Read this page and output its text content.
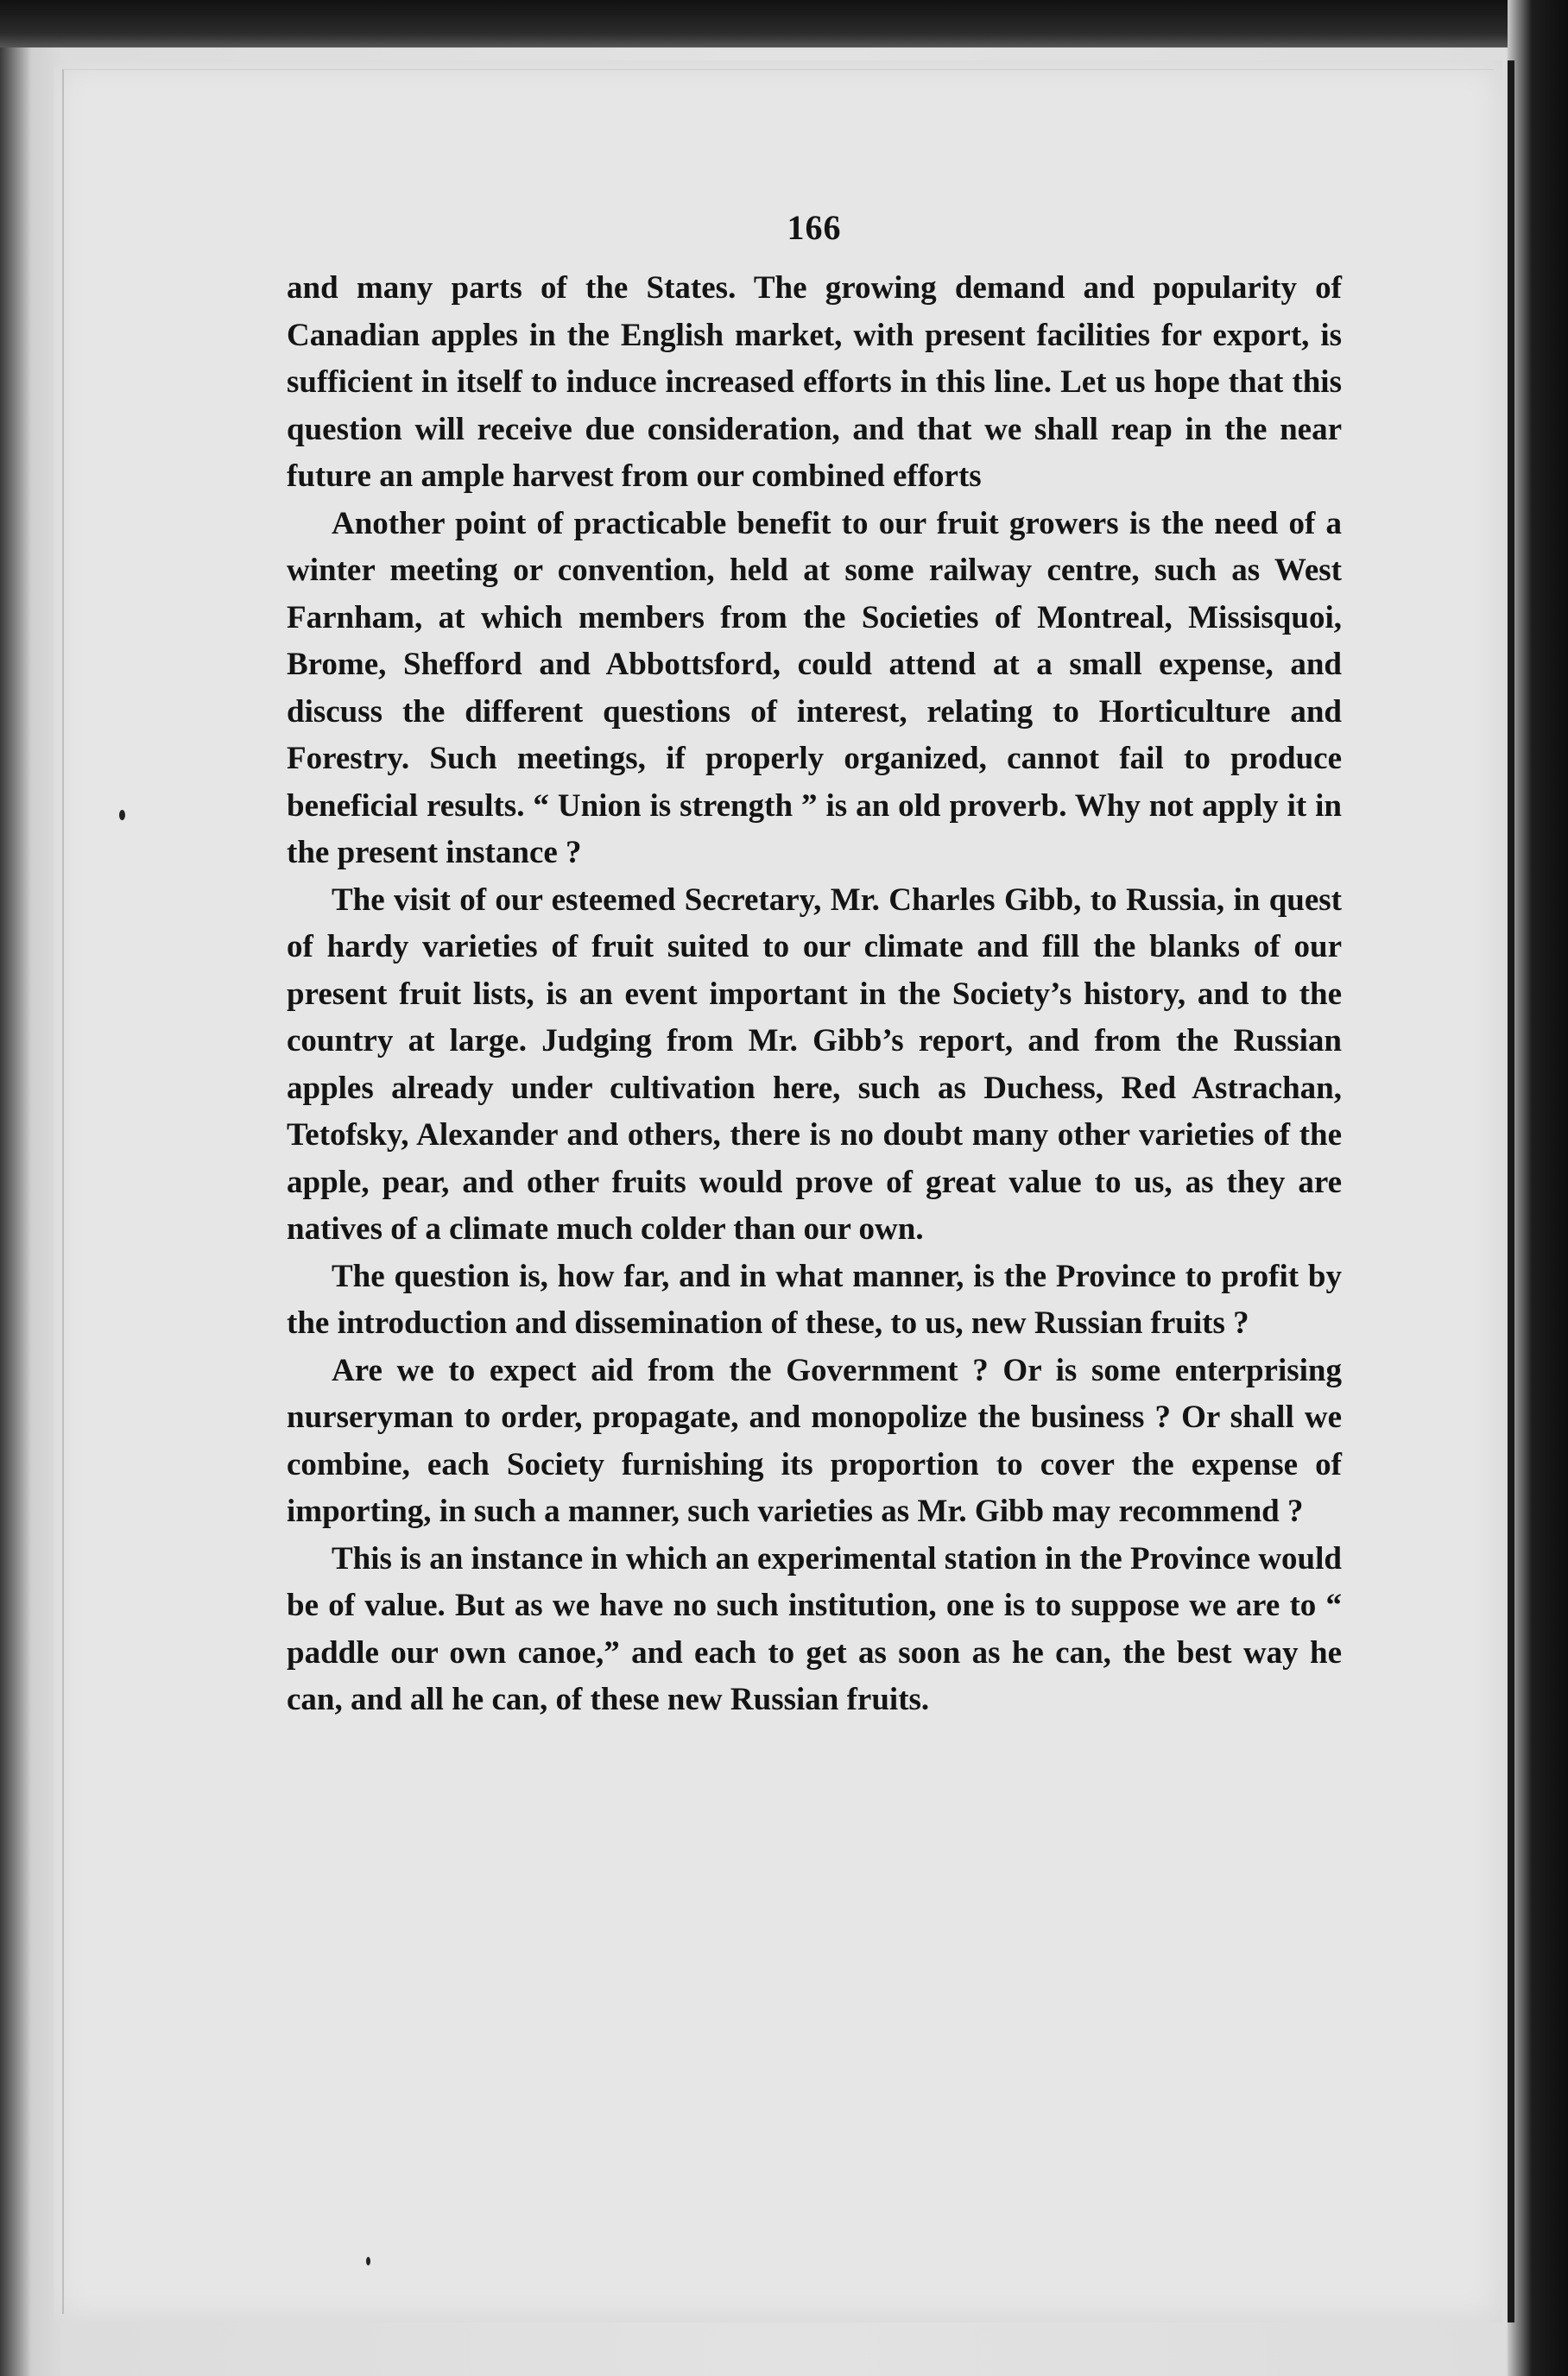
166

and many parts of the States. The growing demand and popularity of Canadian apples in the English market, with present facilities for export, is sufficient in itself to induce increased efforts in this line. Let us hope that this question will receive due consideration, and that we shall reap in the near future an ample harvest from our combined efforts

Another point of practicable benefit to our fruit growers is the need of a winter meeting or convention, held at some railway centre, such as West Farnham, at which members from the Societies of Montreal, Missisquoi, Brome, Shefford and Abbottsford, could attend at a small expense, and discuss the different questions of interest, relating to Horticulture and Forestry. Such meetings, if properly organized, cannot fail to produce beneficial results. “ Union is strength ” is an old proverb. Why not apply it in the present instance ?

The visit of our esteemed Secretary, Mr. Charles Gibb, to Russia, in quest of hardy varieties of fruit suited to our climate and fill the blanks of our present fruit lists, is an event important in the Society’s history, and to the country at large. Judging from Mr. Gibb’s report, and from the Russian apples already under cultivation here, such as Duchess, Red Astrachan, Tetofsky, Alexander and others, there is no doubt many other varieties of the apple, pear, and other fruits would prove of great value to us, as they are natives of a climate much colder than our own.

The question is, how far, and in what manner, is the Province to profit by the introduction and dissemination of these, to us, new Russian fruits ?

Are we to expect aid from the Government ? Or is some enterprising nurseryman to order, propagate, and monopolize the business ? Or shall we combine, each Society furnishing its proportion to cover the expense of importing, in such a manner, such varieties as Mr. Gibb may recommend ?

This is an instance in which an experimental station in the Province would be of value. But as we have no such institution, one is to suppose we are to “ paddle our own canoe,” and each to get as soon as he can, the best way he can, and all he can, of these new Russian fruits.
